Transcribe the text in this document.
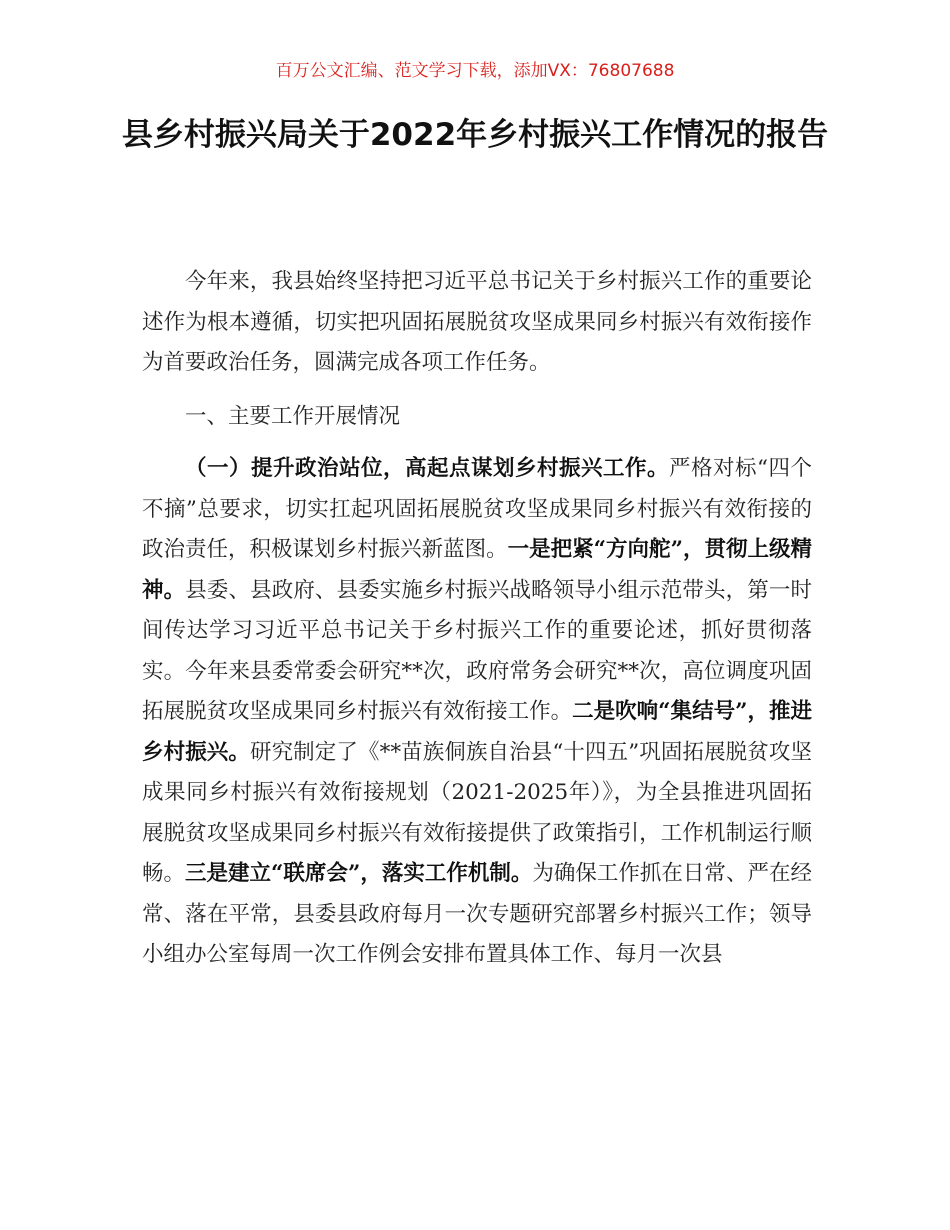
百万公文汇编、范文学习下载，添加VX：76807688
县乡村振兴局关于2022年乡村振兴工作情况的报告

今年来，我县始终坚持把习近平总书记关于乡村振兴工作的重要论述作为根本遵循，切实把巩固拓展脱贫攻坚成果同乡村振兴有效衔接作为首要政治任务，圆满完成各项工作任务。

一、主要工作开展情况

（一）提升政治站位，高起点谋划乡村振兴工作。严格对标“四个不摘”总要求，切实扛起巩固拓展脱贫攻坚成果同乡村振兴有效衔接的政治责任，积极谋划乡村振兴新蓝图。一是把紧“方向舵”，贯彻上级精神。县委、县政府、县委实施乡村振兴战略领导小组示范带头，第一时间传达学习习近平总书记关于乡村振兴工作的重要论述，抓好贯彻落实。今年来县委常委会研究**次，政府常务会研究**次，高位调度巩固拓展脱贫攻坚成果同乡村振兴有效衔接工作。二是吹响“集结号”，推进乡村振兴。研究制定了《**苗族侗族自治县“十四五”巩固拓展脱贫攻坚成果同乡村振兴有效衔接规划（2021-2025年）》，为全县推进巩固拓展脱贫攻坚成果同乡村振兴有效衔接提供了政策指引，工作机制运行顺畅。三是建立“联席会”，落实工作机制。为确保工作抓在日常、严在经常、落在平常，县委县政府每月一次专题研究部署乡村振兴工作；领导小组办公室每周一次工作例会安排布置具体工作、每月一次县
